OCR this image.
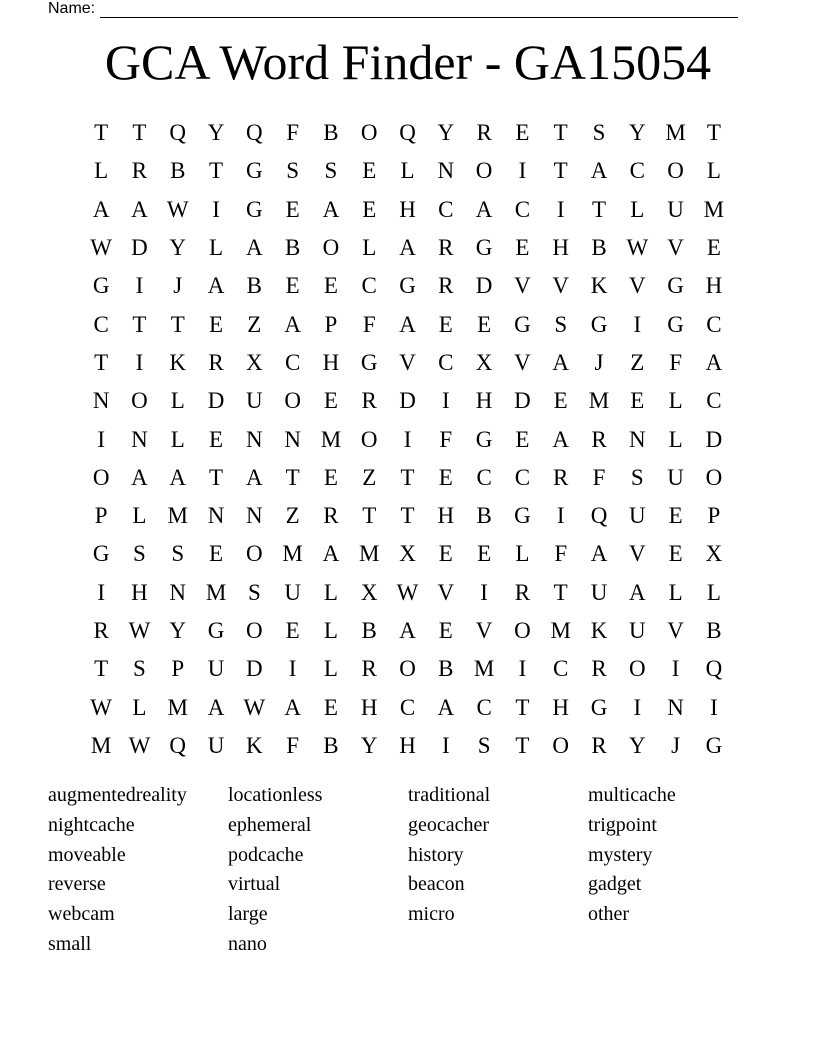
Name:
GCA Word Finder - GA15054
T	T Q Y Q	F	B O Q Y R	E	T	S	Y M T
L	R B	T G	S	S	E	L N O	I	T A C O L
A A W	I	G E A E H C A C	I	T	L U M
W D Y L A B O L A R G E H B W V E
G	I	J	A B	E	E	C G R D V V K V G H
C	T	T	E	Z A	P	F	A E	E G	S	G	I	G C
T	I	K R X C H G V C X V A	J	Z	F	A
N O L D U O E	R D	I	H D E M E	L	C
I	N L	E N N M O	I	F	G E A R N L D
O A A T A T	E	Z	T	E	C C R	F	S	U O
P	L M N N Z	R	T	T H B G	I	Q U E	P
G	S	S	E O M A M X E	E	L	F	A V E X
I	H N M S	U L X W V	I	R	T U A L	L
R W Y G O E	L	B A E V O M K U V B
T	S	P	U D	I	L	R O B M	I	C R O	I	Q
W L M A W A E H C A C	T H G	I	N	I
M W Q U K	F	B Y H	I	S	T O R Y	J	G
augmentedreality	locationless	traditional	multicache
nightcache	ephemeral	geocacher	trigpoint
moveable	podcache	history	mystery
reverse	virtual	beacon	gadget
webcam	large	micro	other
small	nano
